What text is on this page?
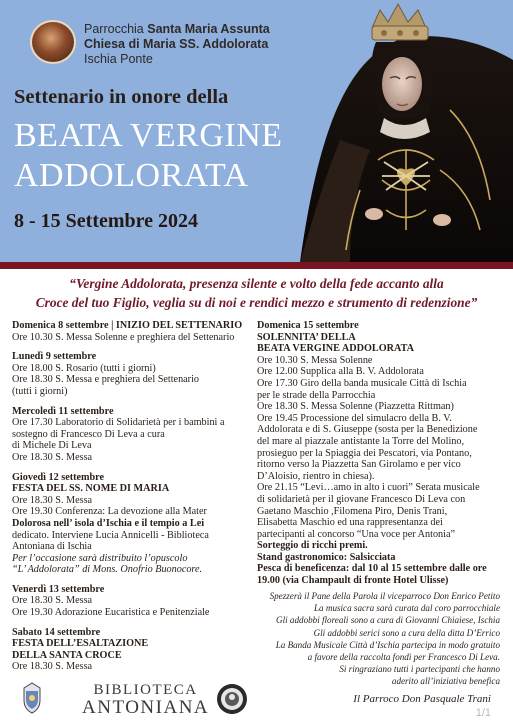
Parrocchia Santa Maria Assunta
Chiesa di Maria SS. Addolorata
Ischia Ponte
Settenario in onore della
BEATA VERGINE
ADDOLORATA
8 - 15 Settembre 2024
“Vergine Addolorata, presenza silente e volto della fede accanto alla
Croce del tuo Figlio, veglia su di noi e rendici mezzo e strumento di redenzione”
Domenica 8 settembre | INIZIO DEL SETTENARIO
Ore 10.30 S. Messa Solenne e preghiera del Settenario
Lunedì 9 settembre
Ore 18.00 S. Rosario (tutti i giorni)
Ore 18.30 S. Messa e preghiera del Settenario
(tutti i giorni)
Mercoledì 11 settembre
Ore 17.30 Laboratorio di Solidarietà per i bambini a
sostegno di Francesco Di Leva a cura
di Michele Di Leva
Ore 18.30 S. Messa
Giovedì 12 settembre
FESTA DEL SS. NOME DI MARIA
Ore 18.30 S. Messa
Ore 19.30 Conferenza: La devozione alla Mater
Dolorosa nell’ isola d’Ischia e il tempio a Lei
dedicato. Interviene Lucia Annicelli - Biblioteca
Antoniana di Ischia
Per l’occasione sarà distribuito l’opuscolo
“L’ Addolorata” di Mons. Onofrio Buonocore.
Venerdì 13 settembre
Ore 18.30 S. Messa
Ore 19.30 Adorazione Eucaristica e Penitenziale
Sabato 14 settembre
FESTA DELL’ESALTAZIONE
DELLA SANTA CROCE
Ore 18.30 S. Messa
Domenica 15 settembre
SOLENNITA’ DELLA
BEATA VERGINE ADDOLORATA
Ore 10.30 S. Messa Solenne
Ore 12.00 Supplica alla B. V. Addolorata
Ore 17.30 Giro della banda musicale Città di Ischia
per le strade della Parrocchia
Ore 18.30 S. Messa Solenne (Piazzetta Rittman)
Ore 19.45 Processione del simulacro della B. V.
Addolorata e di S. Giuseppe (sosta per la Benedizione
del mare al piazzale antistante la Torre del Molino,
prosieguo per la Spiaggia dei Pescatori, via Pontano,
ritorno verso la Piazzetta San Girolamo e per vico
D’Aloisio, rientro in chiesa).
Ore 21.15 “Levi…amo in alto i cuori” Serata musicale
di solidarietà per il giovane Francesco Di Leva con
Gaetano Maschio ,Filomena Piro, Denis Trani,
Elisabetta Maschio ed una rappresentanza dei
partecipanti al concorso “Una voce per Antonia”
Sorteggio di ricchi premi.
Stand gastronomico: Salsicciata
Pesca di beneficenza: dal 10 al 15 settembre dalle ore
19.00 (via Champault di fronte Hotel Ulisse)
Spezzerà il Pane della Parola il viceparroco Don Enrico Petito
La musica sacra sarà curata dal coro parrocchiale
Gli addobbi floreali sono a cura di Giovanni Chiaiese, Ischia
Gli addobbi serici sono a cura della ditta D’Errico
La Banda Musicale Città d’Ischia partecipa in modo gratuito
a favore della raccolta fondi per Francesco Di Leva.
Si ringraziano tutti i partecipanti che hanno
aderito all’iniziativa benefica
Il Parroco Don Pasquale Trani
1/1
BIBLIOTECA
ANTONIANA
